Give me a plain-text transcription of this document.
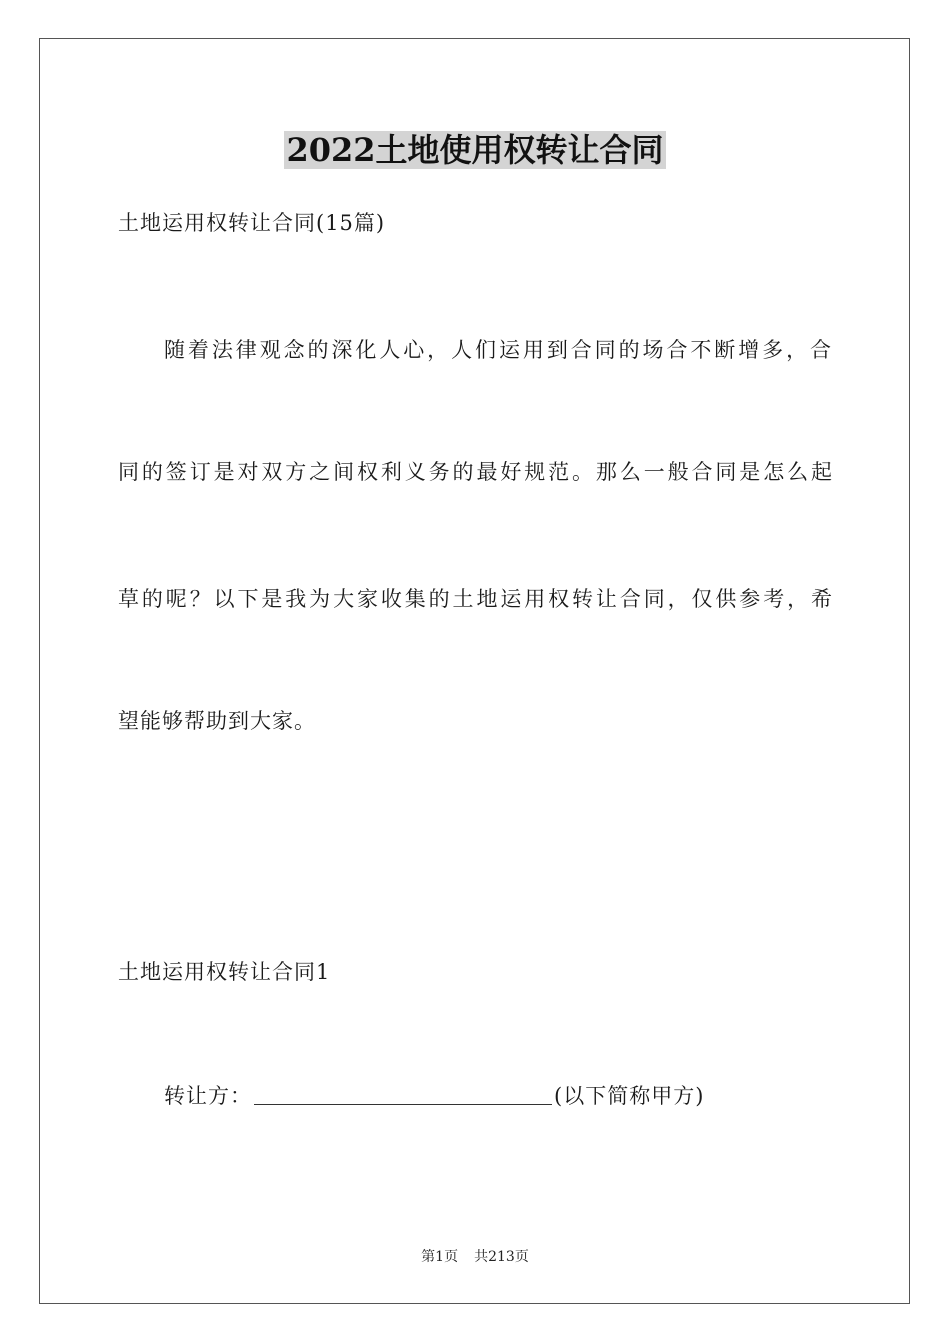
2022土地使用权转让合同
土地运用权转让合同(15篇)
随着法律观念的深化人心，人们运用到合同的场合不断增多，合
同的签订是对双方之间权利义务的最好规范。那么一般合同是怎么起
草的呢？以下是我为大家收集的土地运用权转让合同，仅供参考，希
望能够帮助到大家。
土地运用权转让合同1
转让方：	(以下简称甲方)
第1页 共213页
